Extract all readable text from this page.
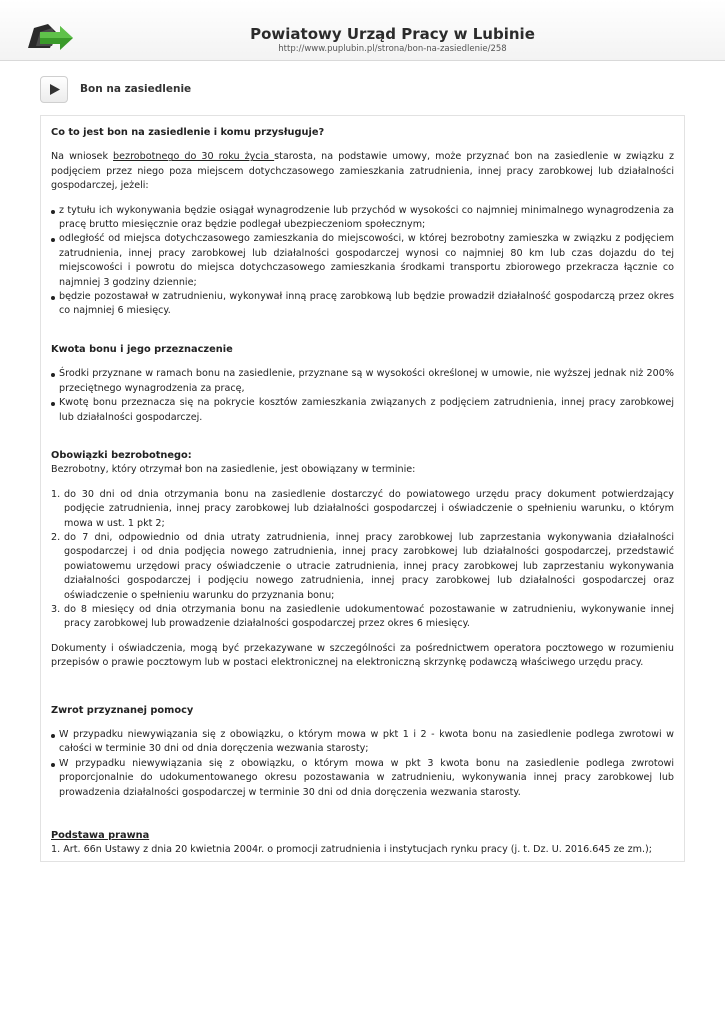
Powiatowy Urząd Pracy w Lubinie
http://www.puplubin.pl/strona/bon-na-zasiedlenie/258
Bon na zasiedlenie
Co to jest bon na zasiedlenie i komu przysługuje?

Na wniosek bezrobotnego do 30 roku życia starosta, na podstawie umowy, może przyznać bon na zasiedlenie w związku z podjęciem przez niego poza miejscem dotychczasowego zamieszkania zatrudnienia, innej pracy zarobkowej lub działalności gospodarczej, jeżeli:

z tytułu ich wykonywania będzie osiągał wynagrodzenie lub przychód w wysokości co najmniej minimalnego wynagrodzenia za pracę brutto miesięcznie oraz będzie podlegał ubezpieczeniom społecznym;
odległość od miejsca dotychczasowego zamieszkania do miejscowości, w której bezrobotny zamieszka w związku z podjęciem zatrudnienia, innej pracy zarobkowej lub działalności gospodarczej wynosi co najmniej 80 km lub czas dojazdu do tej miejscowości i powrotu do miejsca dotychczasowego zamieszkania środkami transportu zbiorowego przekracza łącznie co najmniej 3 godziny dziennie;
będzie pozostawał w zatrudnieniu, wykonywał inną pracę zarobkową lub będzie prowadził działalność gospodarczą przez okres co najmniej 6 miesięcy.
Kwota bonu i jego przeznaczenie
Środki przyznane w ramach bonu na zasiedlenie, przyznane są w wysokości określonej w umowie, nie wyższej jednak niż 200% przeciętnego wynagrodzenia za pracę,
Kwotę bonu przeznacza się na pokrycie kosztów zamieszkania związanych z podjęciem zatrudnienia, innej pracy zarobkowej lub działalności gospodarczej.
Obowiązki bezrobotnego:

Bezrobotny, który otrzymał bon na zasiedlenie, jest obowiązany w terminie:

1. do 30 dni od dnia otrzymania bonu na zasiedlenie dostarczyć do powiatowego urzędu pracy dokument potwierdzający podjęcie zatrudnienia, innej pracy zarobkowej lub działalności gospodarczej i oświadczenie o spełnieniu warunku, o którym mowa w ust. 1 pkt 2;
2. do 7 dni, odpowiednio od dnia utraty zatrudnienia, innej pracy zarobkowej lub zaprzestania wykonywania działalności gospodarczej i od dnia podjęcia nowego zatrudnienia, innej pracy zarobkowej lub działalności gospodarczej, przedstawić powiatowemu urzędowi pracy oświadczenie o utracie zatrudnienia, innej pracy zarobkowej lub zaprzestaniu wykonywania działalności gospodarczej i podjęciu nowego zatrudnienia, innej pracy zarobkowej lub działalności gospodarczej oraz oświadczenie o spełnieniu warunku do przyznania bonu;
3. do 8 miesięcy od dnia otrzymania bonu na zasiedlenie udokumentować pozostawanie w zatrudnieniu, wykonywanie innej pracy zarobkowej lub prowadzenie działalności gospodarczej przez okres 6 miesięcy.

Dokumenty i oświadczenia, mogą być przekazywane w szczególności za pośrednictwem operatora pocztowego w rozumieniu przepisów o prawie pocztowym lub w postaci elektronicznej na elektroniczną skrzynkę podawczą właściwego urzędu pracy.

Zwrot przyznanej pomocy
W przypadku niewywiązania się z obowiązku, o którym mowa w pkt 1 i 2 - kwota bonu na zasiedlenie podlega zwrotowi w całości w terminie 30 dni od dnia doręczenia wezwania starosty;
W przypadku niewywiązania się z obowiązku, o którym mowa w pkt 3 kwota bonu na zasiedlenie podlega zwrotowi proporcjonalnie do udokumentowanego okresu pozostawania w zatrudnieniu, wykonywania innej pracy zarobkowej lub prowadzenia działalności gospodarczej w terminie 30 dni od dnia doręczenia wezwania starosty.
Podstawa prawna

1. Art. 66n Ustawy z dnia 20 kwietnia 2004r. o promocji zatrudnienia i instytucjach rynku pracy (j. t. Dz. U. 2016.645 ze zm.);
